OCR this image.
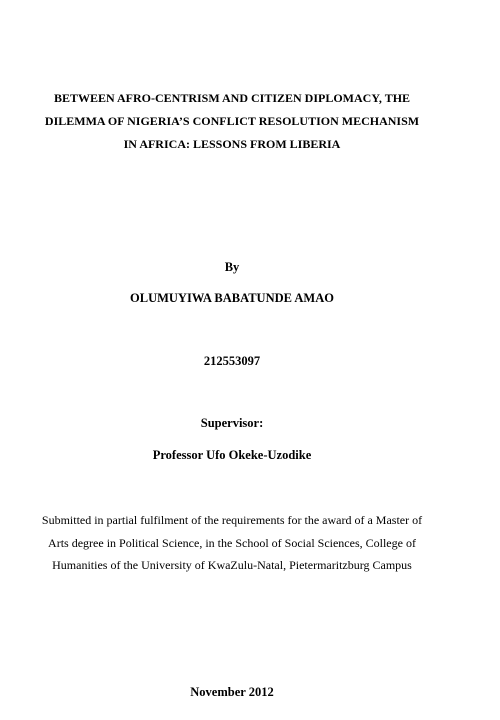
BETWEEN AFRO-CENTRISM AND CITIZEN DIPLOMACY, THE
DILEMMA OF NIGERIA’S CONFLICT RESOLUTION MECHANISM
IN AFRICA: LESSONS FROM LIBERIA
By
OLUMUYIWA BABATUNDE AMAO
212553097
Supervisor:
Professor Ufo Okeke-Uzodike
Submitted in partial fulfilment of the requirements for the award of a Master of
Arts degree in Political Science, in the School of Social Sciences, College of
Humanities of the University of KwaZulu-Natal, Pietermaritzburg Campus
November 2012
